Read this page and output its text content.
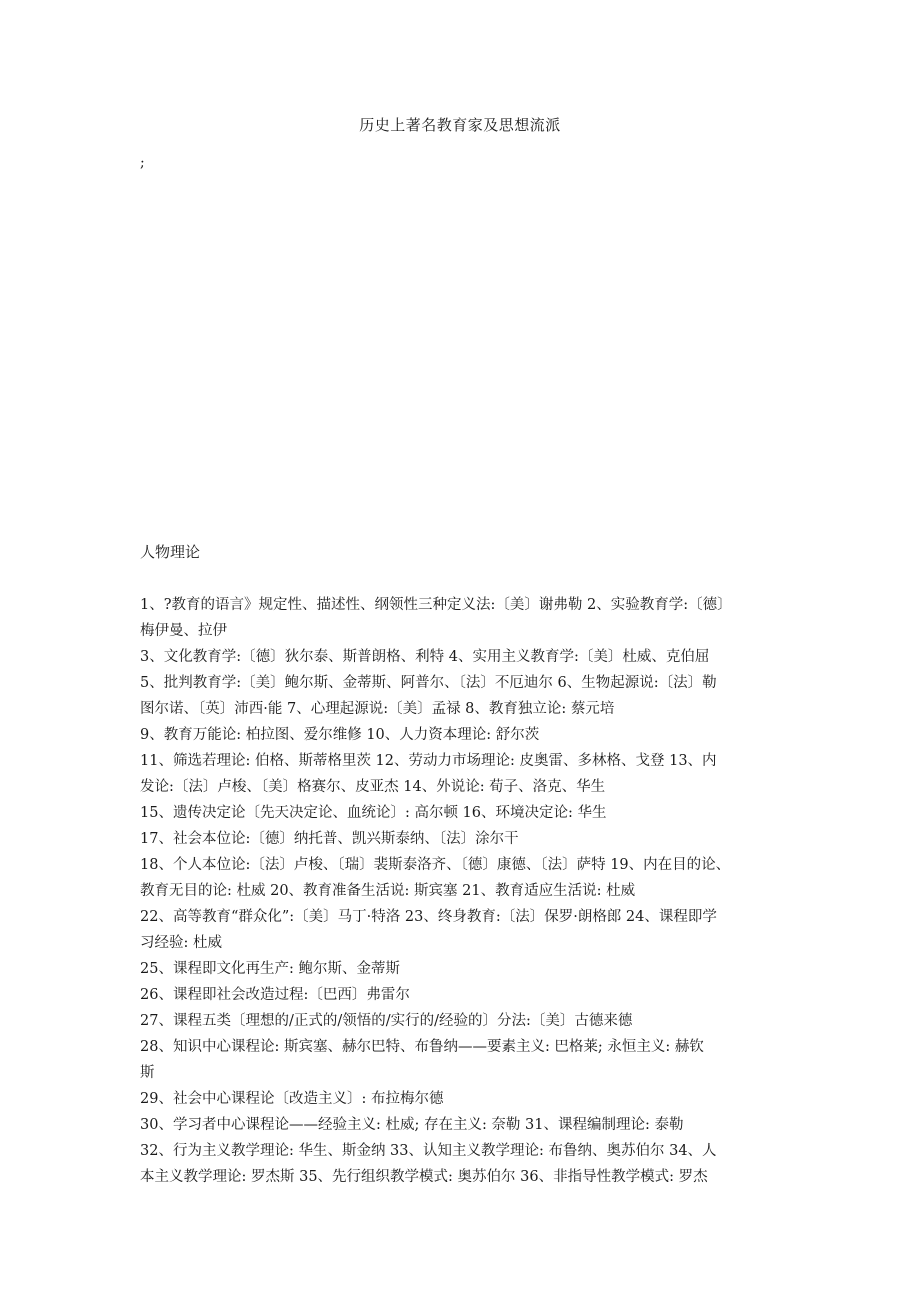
历史上著名教育家及思想流派
;
人物理论
1、?教育的语言》规定性、描述性、纲领性三种定义法:〔美〕谢弗勒 2、实验教育学:〔德〕
梅伊曼、拉伊
3、文化教育学:〔德〕狄尔泰、斯普朗格、利特 4、实用主义教育学:〔美〕杜威、克伯屈
5、批判教育学:〔美〕鲍尔斯、金蒂斯、阿普尔、〔法〕不厄迪尔 6、生物起源说:〔法〕勒
图尔诺、〔英〕沛西·能 7、心理起源说:〔美〕孟禄 8、教育独立论: 蔡元培
9、教育万能论: 柏拉图、爱尔维修 10、人力资本理论: 舒尔茨
11、筛选若理论: 伯格、斯蒂格里茨 12、劳动力市场理论: 皮奥雷、多林格、戈登 13、内
发论:〔法〕卢梭、〔美〕格赛尔、皮亚杰 14、外说论: 荀子、洛克、华生
15、遗传决定论〔先天决定论、血统论〕: 高尔顿 16、环境决定论: 华生
17、社会本位论:〔德〕纳托普、凯兴斯泰纳、〔法〕涂尔干
18、个人本位论:〔法〕卢梭、〔瑞〕裴斯泰洛齐、〔德〕康德、〔法〕萨特 19、内在目的论、
教育无目的论: 杜威 20、教育准备生活说: 斯宾塞 21、教育适应生活说: 杜威
22、高等教育“群众化”:〔美〕马丁·特洛 23、终身教育:〔法〕保罗·朗格郎 24、课程即学
习经验: 杜威
25、课程即文化再生产: 鲍尔斯、金蒂斯
26、课程即社会改造过程:〔巴西〕弗雷尔
27、课程五类〔理想的/正式的/领悟的/实行的/经验的〕分法:〔美〕古德来德
28、知识中心课程论: 斯宾塞、赫尔巴特、布鲁纳——要素主义: 巴格莱; 永恒主义: 赫钦
斯
29、社会中心课程论〔改造主义〕: 布拉梅尔德
30、学习者中心课程论——经验主义: 杜威; 存在主义: 奈勒 31、课程编制理论: 泰勒
32、行为主义教学理论: 华生、斯金纳 33、认知主义教学理论: 布鲁纳、奥苏伯尔 34、人
本主义教学理论: 罗杰斯 35、先行组织教学模式: 奥苏伯尔 36、非指导性教学模式: 罗杰
